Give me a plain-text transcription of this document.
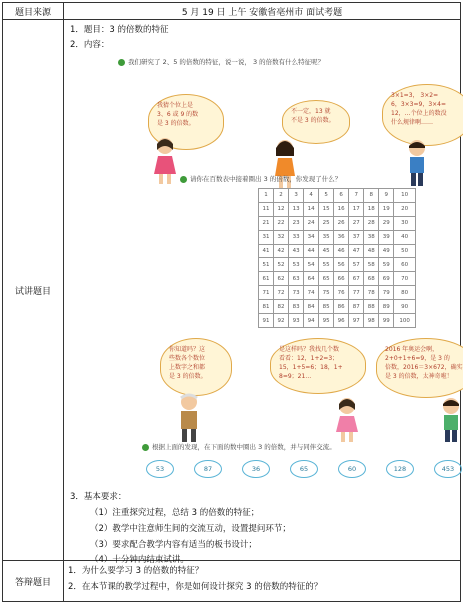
题目来源	5 月 19 日 上午 安徽省亳州市 面试考题
试讲题目	
1．题目：3 的倍数的特征
2．内容：
我们研究了 2、5 的倍数的特征，说一说， 3 的倍数有什么特征呢？
我猜个位上是
3、6 或 9 的数
是 3 的倍数。
不一定，13 就
不是 3 的倍数。
3×1=3， 3×2=
6，3×3=9，3×4=
12，…个位上的数没
什么规律啊……
请你在百数表中接着圈出 3 的倍数，你发现了什么？
1	2	3	4	5	6	7	8	9	10
11	12	13	14	15	16	17	18	19	20
21	22	23	24	25	26	27	28	29	30
31	32	33	34	35	36	37	38	39	40
41	42	43	44	45	46	47	48	49	50
51	52	53	54	55	56	57	58	59	60
61	62	63	64	65	66	67	68	69	70
71	72	73	74	75	76	77	78	79	80
81	82	83	84	85	86	87	88	89	90
91	92	93	94	95	96	97	98	99	100
你知道吗？这
些数各个数位
上数字之和都
是 3 的倍数。
是这样吗？我找几个数
看看：12，1+2=3；
15，1+5=6；18，1+
8=9；21…
2016 年奥运会啊，
2+0+1+6=9，是 3 的
倍数，2016＝3×672，确实
是 3 的倍数，太神奇啦！
根据上面的发现，在下面的数中圈出 3 的倍数，并与同伴交流。
53	87	36	65	60	128	453
3．基本要求：
（1）注重探究过程，总结 3 的倍数的特征；
（2）教学中注意师生间的交流互动，设置提问环节；
（3）要求配合教学内容有适当的板书设计；
（4）十分钟内结束试讲。

答辩题目	
1．为什么要学习 3 的倍数的特征？
2．在本节课的教学过程中，你是如何设计探究 3 的倍数的特征的？
